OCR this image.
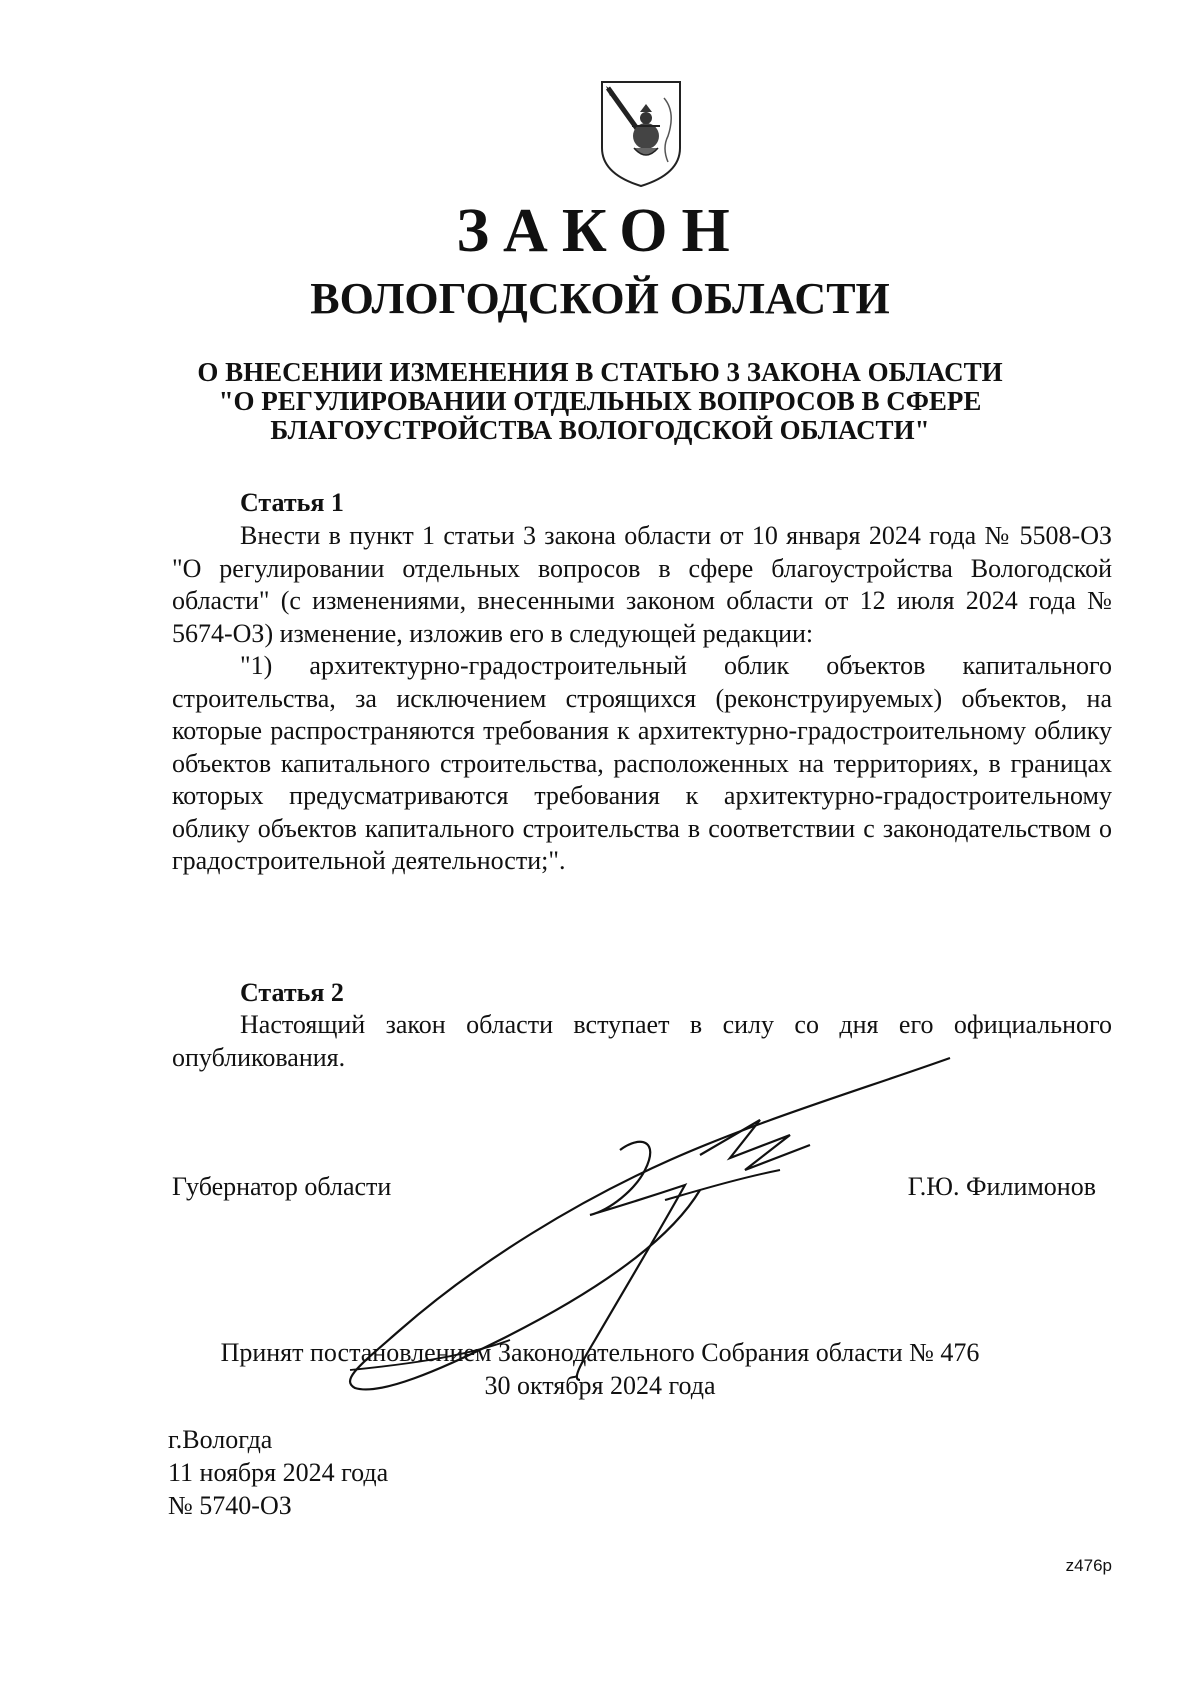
ЗАКОН
ВОЛОГОДСКОЙ ОБЛАСТИ
О ВНЕСЕНИИ ИЗМЕНЕНИЯ В СТАТЬЮ 3 ЗАКОНА ОБЛАСТИ
"О РЕГУЛИРОВАНИИ ОТДЕЛЬНЫХ ВОПРОСОВ В СФЕРЕ
БЛАГОУСТРОЙСТВА ВОЛОГОДСКОЙ ОБЛАСТИ"
Статья 1

Внести в пункт 1 статьи 3 закона области от 10 января 2024 года № 5508-ОЗ "О регулировании отдельных вопросов в сфере благоустройства Вологодской области" (с изменениями, внесенными законом области от 12 июля 2024 года № 5674-ОЗ) изменение, изложив его в следующей редакции:

"1) архитектурно-градостроительный облик объектов капитального строительства, за исключением строящихся (реконструируемых) объектов, на которые распространяются требования к архитектурно-градостроительному облику объектов капитального строительства, расположенных на территориях, в границах которых предусматриваются требования к архитектурно-градостроительному облику объектов капитального строительства в соответствии с законодательством о градостроительной деятельности;".

Статья 2

Настоящий закон области вступает в силу со дня его официального опубликования.

Губернатор области	Г.Ю. Филимонов
Принят постановлением Законодательного Собрания области № 476
30 октября 2024 года
г.Вологда
11 ноября 2024 года
№ 5740-ОЗ
z476р
